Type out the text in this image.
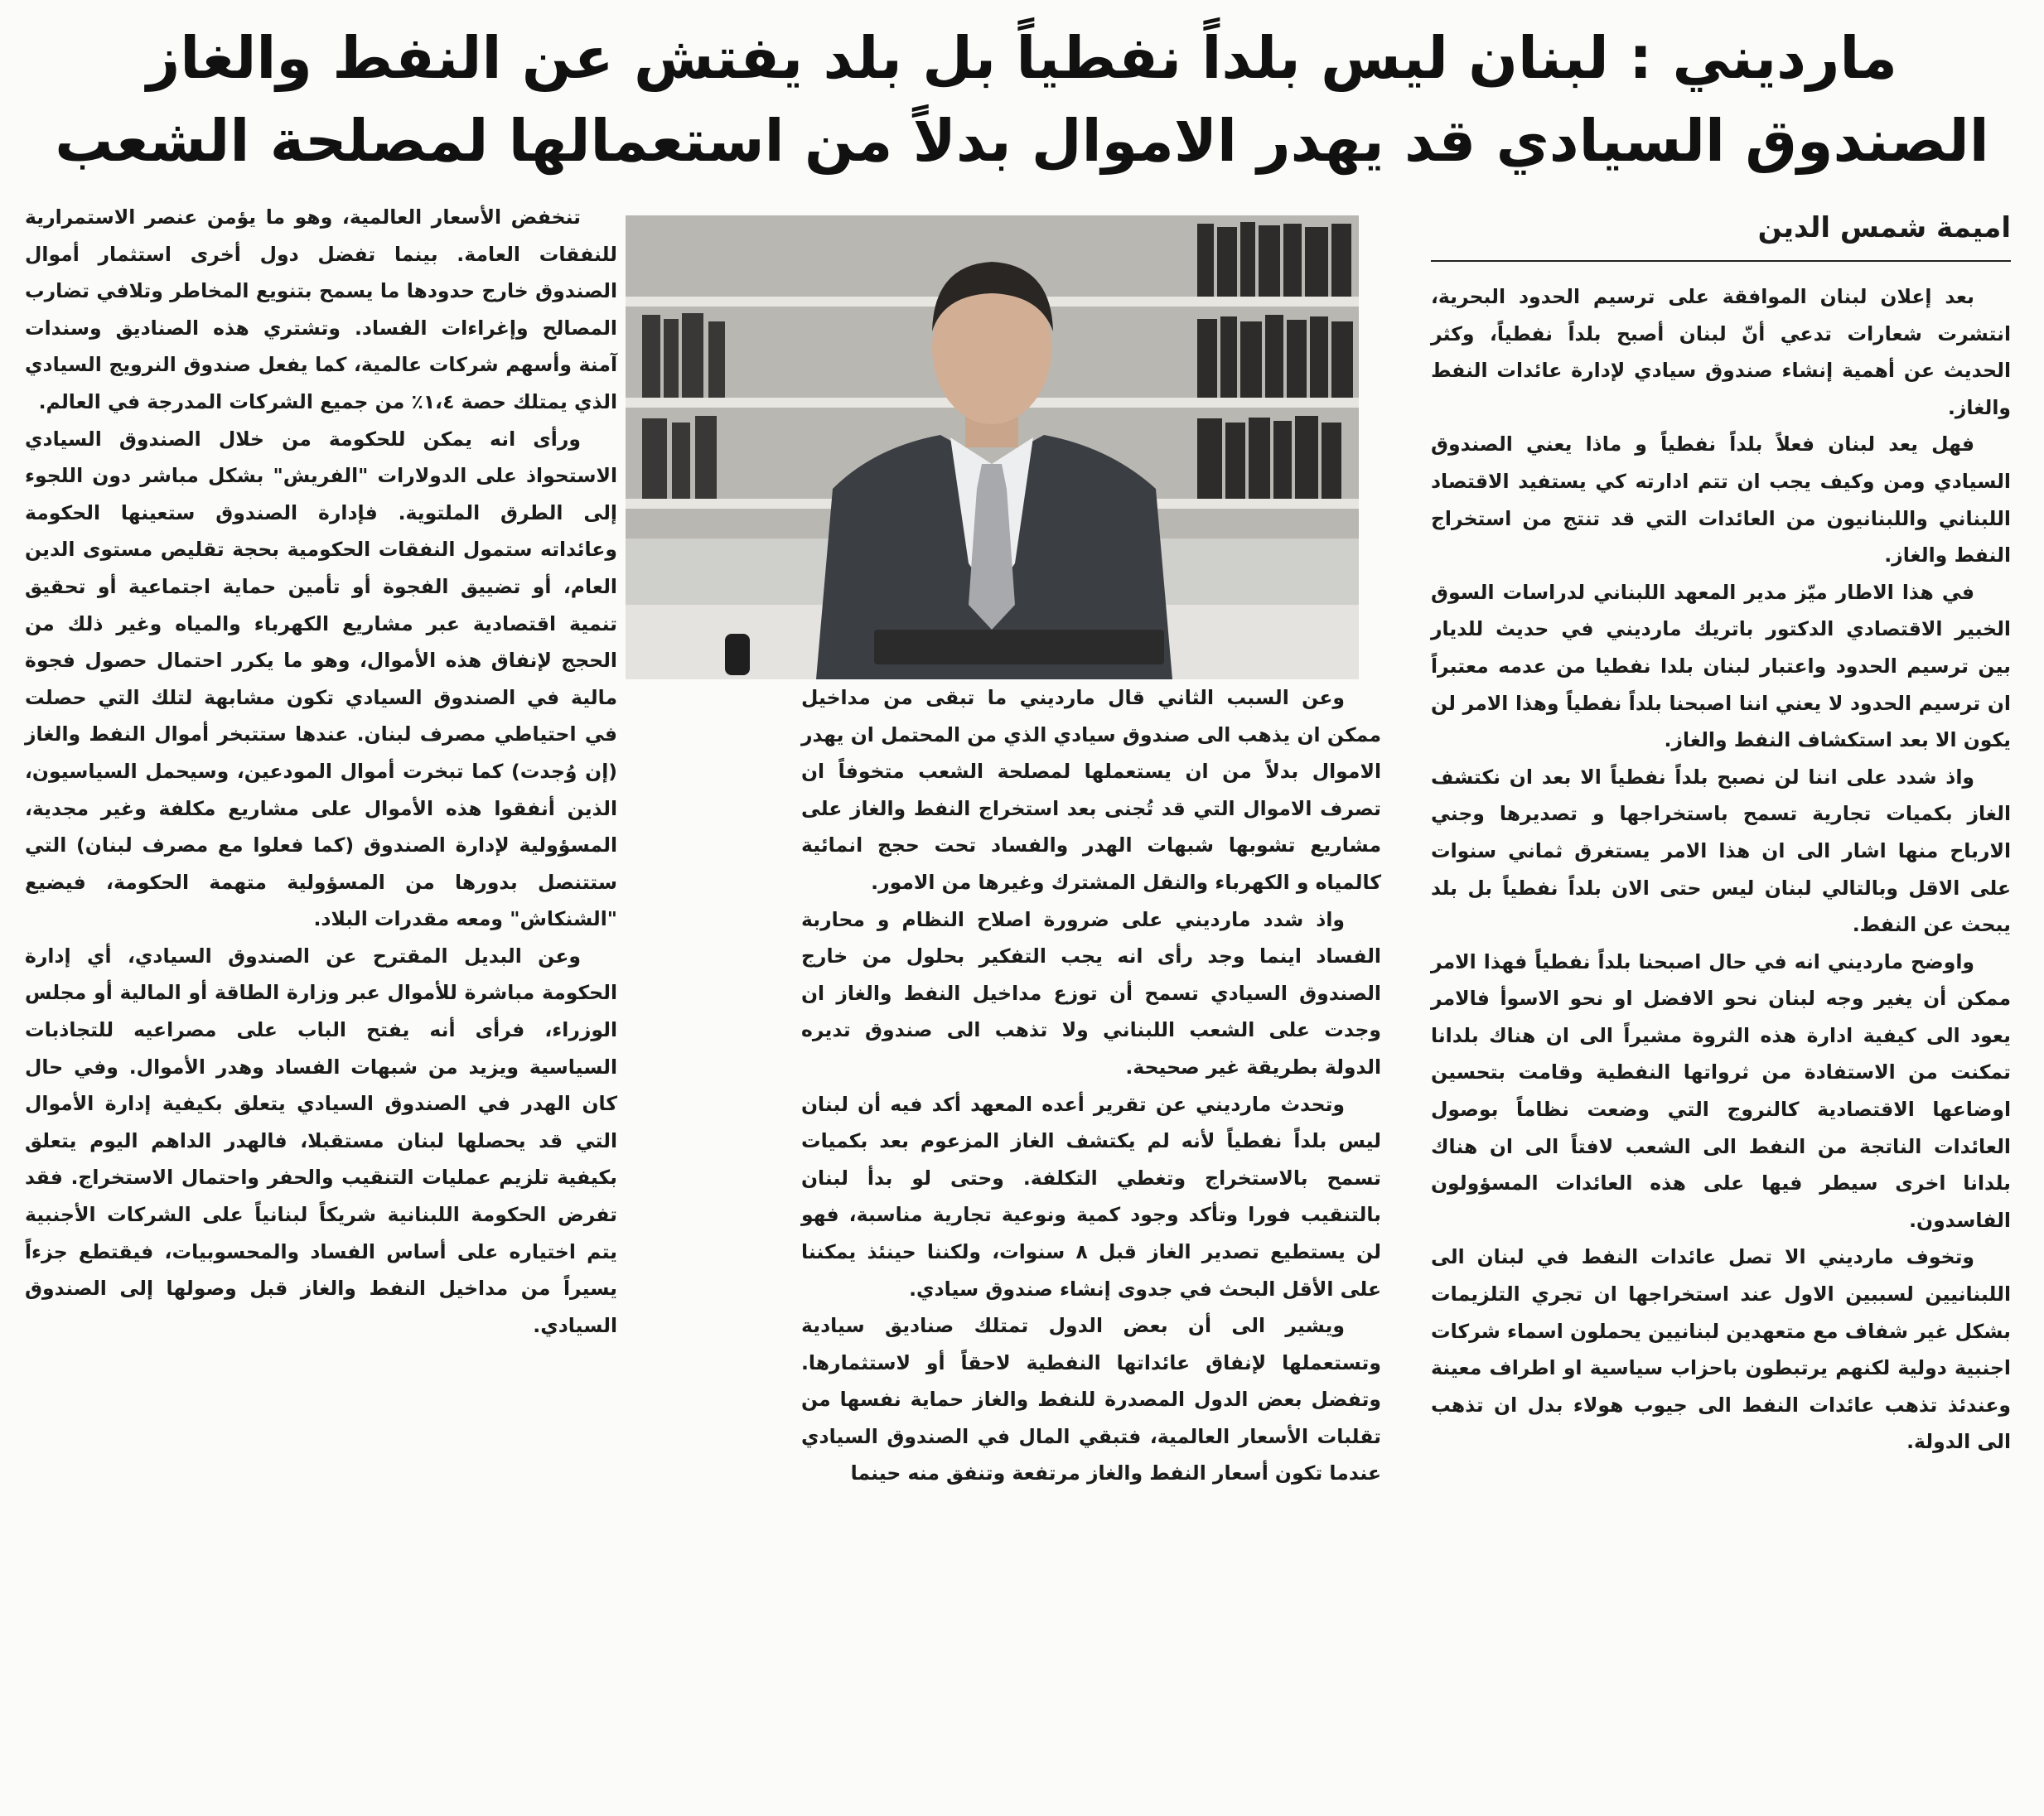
مارديني : لبنان ليس بلداً نفطياً بل بلد يفتش عن النفط والغاز
الصندوق السيادي قد يهدر الاموال بدلاً من استعمالها لمصلحة الشعب

اميمة شمس الدين

بعد إعلان لبنان الموافقة على ترسيم الحدود البحرية، انتشرت شعارات تدعي أنّ لبنان أصبح بلداً نفطياً، وكثر الحديث عن أهمية إنشاء صندوق سيادي لإدارة عائدات النفط والغاز.

فهل يعد لبنان فعلاً بلداً نفطياً و ماذا يعني الصندوق السيادي ومن وكيف يجب ان تتم ادارته كي يستفيد الاقتصاد اللبناني واللبنانيون من العائدات التي قد تنتج من استخراج النفط والغاز.

في هذا الاطار ميّز مدير المعهد اللبناني لدراسات السوق الخبير الاقتصادي الدكتور باتريك مارديني في حديث للديار بين ترسيم الحدود واعتبار لبنان بلدا نفطيا من عدمه معتبراً ان ترسيم الحدود لا يعني اننا اصبحنا بلداً نفطياً وهذا الامر لن يكون الا بعد استكشاف النفط والغاز.

واذ شدد على اننا لن نصبح بلداً نفطياً الا بعد ان نكتشف الغاز بكميات تجارية تسمح باستخراجها و تصديرها وجني الارباح منها اشار الى ان هذا الامر يستغرق ثماني سنوات على الاقل وبالتالي لبنان ليس حتى الان بلداً نفطياً بل بلد يبحث عن النفط.

واوضح مارديني انه في حال اصبحنا بلداً نفطياً فهذا الامر ممكن أن يغير وجه لبنان نحو الافضل او نحو الاسوأ فالامر يعود الى كيفية ادارة هذه الثروة مشيراً الى ان هناك بلدانا تمكنت من الاستفادة من ثرواتها النفطية وقامت بتحسين اوضاعها الاقتصادية كالنروج التي وضعت نظاماً بوصول العائدات الناتجة من النفط الى الشعب لافتاً الى ان هناك بلدانا اخرى سيطر فيها على هذه العائدات المسؤولون الفاسدون.

وتخوف مارديني الا تصل عائدات النفط في لبنان الى اللبنانيين لسببين الاول عند استخراجها ان تجري التلزيمات بشكل غير شفاف مع متعهدين لبنانيين يحملون اسماء شركات اجنبية دولية لكنهم يرتبطون باحزاب سياسية او اطراف معينة وعندئذ تذهب عائدات النفط الى جيوب هولاء بدل ان تذهب الى الدولة.

وعن السبب الثاني قال مارديني ما تبقى من مداخيل ممكن ان يذهب الى صندوق سيادي الذي من المحتمل ان يهدر الاموال بدلاً من ان يستعملها لمصلحة الشعب متخوفاً ان تصرف الاموال التي قد تُجنى بعد استخراج النفط والغاز على مشاريع تشوبها شبهات الهدر والفساد تحت حجج انمائية كالمياه و الكهرباء والنقل المشترك وغيرها من الامور.

واذ شدد مارديني على ضرورة اصلاح النظام و محاربة الفساد اينما وجد رأى انه يجب التفكير بحلول من خارج الصندوق السيادي تسمح أن توزع مداخيل النفط والغاز ان وجدت على الشعب اللبناني ولا تذهب الى صندوق تديره الدولة بطريقة غير صحيحة.

وتحدث مارديني عن تقرير أعده المعهد أكد فيه أن لبنان ليس بلداً نفطياً لأنه لم يكتشف الغاز المزعوم بعد بكميات تسمح بالاستخراج وتغطي التكلفة. وحتى لو بدأ لبنان بالتنقيب فورا وتأكد وجود كمية ونوعية تجارية مناسبة، فهو لن يستطيع تصدير الغاز قبل ٨ سنوات، ولكننا حينئذ يمكننا على الأقل البحث في جدوى إنشاء صندوق سيادي.

ويشير الى أن بعض الدول تمتلك صناديق سيادية وتستعملها لإنفاق عائداتها النفطية لاحقاً أو لاستثمارها. وتفضل بعض الدول المصدرة للنفط والغاز حماية نفسها من تقلبات الأسعار العالمية، فتبقي المال في الصندوق السيادي عندما تكون أسعار النفط والغاز مرتفعة وتنفق منه حينما

تنخفض الأسعار العالمية، وهو ما يؤمن عنصر الاستمرارية للنفقات العامة. بينما تفضل دول أخرى استثمار أموال الصندوق خارج حدودها ما يسمح بتنويع المخاطر وتلافي تضارب المصالح وإغراءات الفساد. وتشتري هذه الصناديق وسندات آمنة وأسهم شركات عالمية، كما يفعل صندوق النرويج السيادي الذي يمتلك حصة ١،٤٪ من جميع الشركات المدرجة في العالم.

ورأى انه يمكن للحكومة من خلال الصندوق السيادي الاستحواذ على الدولارات "الفريش" بشكل مباشر دون اللجوء إلى الطرق الملتوية. فإدارة الصندوق ستعينها الحكومة وعائداته ستمول النفقات الحكومية بحجة تقليص مستوى الدين العام، أو تضييق الفجوة أو تأمين حماية اجتماعية أو تحقيق تنمية اقتصادية عبر مشاريع الكهرباء والمياه وغير ذلك من الحجج لإنفاق هذه الأموال، وهو ما يكرر احتمال حصول فجوة مالية في الصندوق السيادي تكون مشابهة لتلك التي حصلت في احتياطي مصرف لبنان. عندها ستتبخر أموال النفط والغاز (إن وُجدت) كما تبخرت أموال المودعين، وسيحمل السياسيون، الذين أنفقوا هذه الأموال على مشاريع مكلفة وغير مجدية، المسؤولية لإدارة الصندوق (كما فعلوا مع مصرف لبنان) التي ستتنصل بدورها من المسؤولية متهمة الحكومة، فيضيع "الشنكاش" ومعه مقدرات البلاد.

وعن البديل المقترح عن الصندوق السيادي، أي إدارة الحكومة مباشرة للأموال عبر وزارة الطاقة أو المالية أو مجلس الوزراء، فرأى أنه يفتح الباب على مصراعيه للتجاذبات السياسية ويزيد من شبهات الفساد وهدر الأموال. وفي حال كان الهدر في الصندوق السيادي يتعلق بكيفية إدارة الأموال التي قد يحصلها لبنان مستقبلا، فالهدر الداهم اليوم يتعلق بكيفية تلزيم عمليات التنقيب والحفر واحتمال الاستخراج. فقد تفرض الحكومة اللبنانية شريكاً لبنانياً على الشركات الأجنبية يتم اختياره على أساس الفساد والمحسوبيات، فيقتطع جزءاً يسيراً من مداخيل النفط والغاز قبل وصولها إلى الصندوق السيادي.
